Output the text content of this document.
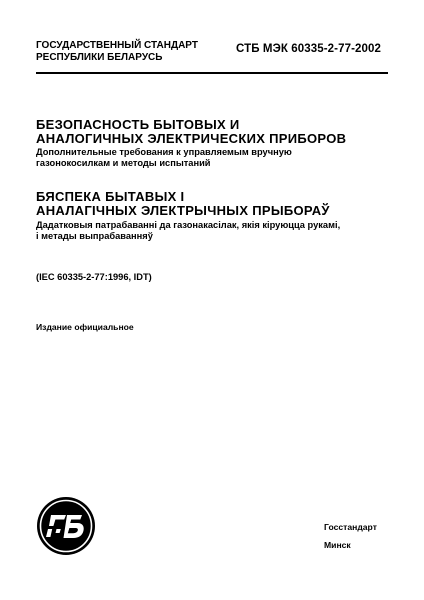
ГОСУДАРСТВЕННЫЙ СТАНДАРТ
РЕСПУБЛИКИ БЕЛАРУСЬ
СТБ МЭК 60335-2-77-2002
БЕЗОПАСНОСТЬ БЫТОВЫХ И
АНАЛОГИЧНЫХ ЭЛЕКТРИЧЕСКИХ ПРИБОРОВ
Дополнительные требования к управляемым вручную
газонокосилкам и методы испытаний
БЯСПЕКА БЫТАВЫХ І
АНАЛАГІЧНЫХ ЭЛЕКТРЫЧНЫХ ПРЫБОРАЎ
Дадатковыя патрабаванні да газонакасілак, якія кіруюцца рукамі,
і метады выпрабаванняў
(IEC 60335-2-77:1996, IDT)
Издание официальное
Госстандарт
Минск
